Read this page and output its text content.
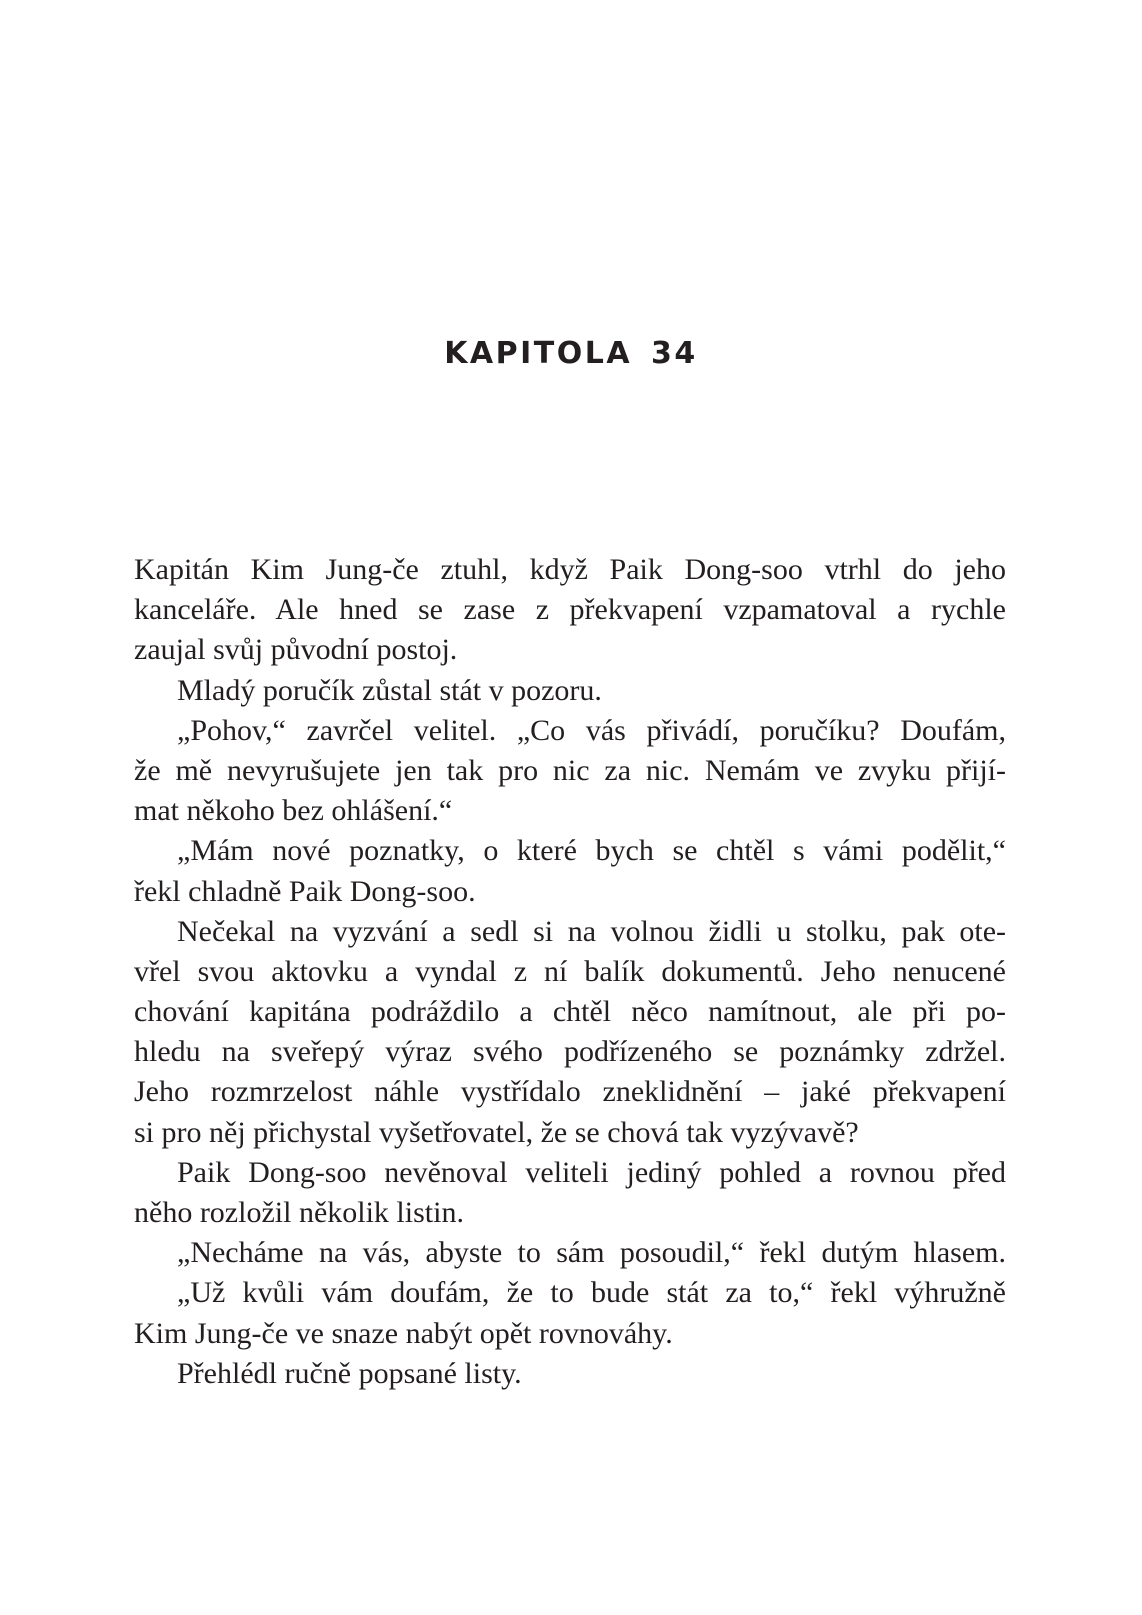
KAPITOLA 34
Kapitán Kim Jung-če ztuhl, když Paik Dong-soo vtrhl do jeho
kanceláře. Ale hned se zase z překvapení vzpamatoval a rychle
zaujal svůj původní postoj.
Mladý poručík zůstal stát v pozoru.
„Pohov,“ zavrčel velitel. „Co vás přivádí, poručíku? Doufám,
že mě nevyrušujete jen tak pro nic za nic. Nemám ve zvyku přijí-
mat někoho bez ohlášení.“
„Mám nové poznatky, o které bych se chtěl s vámi podělit,“
řekl chladně Paik Dong-soo.
Nečekal na vyzvání a sedl si na volnou židli u stolku, pak ote-
vřel svou aktovku a vyndal z ní balík dokumentů. Jeho nenucené
chování kapitána podráždilo a chtěl něco namítnout, ale při po-
hledu na sveřepý výraz svého podřízeného se poznámky zdržel.
Jeho rozmrzelost náhle vystřídalo zneklidnění – jaké překvapení
si pro něj přichystal vyšetřovatel, že se chová tak vyzývavě?
Paik Dong-soo nevěnoval veliteli jediný pohled a rovnou před
něho rozložil několik listin.
„Necháme na vás, abyste to sám posoudil,“ řekl dutým hlasem.
„Už kvůli vám doufám, že to bude stát za to,“ řekl výhružně
Kim Jung-če ve snaze nabýt opět rovnováhy.
Přehlédl ručně popsané listy.
